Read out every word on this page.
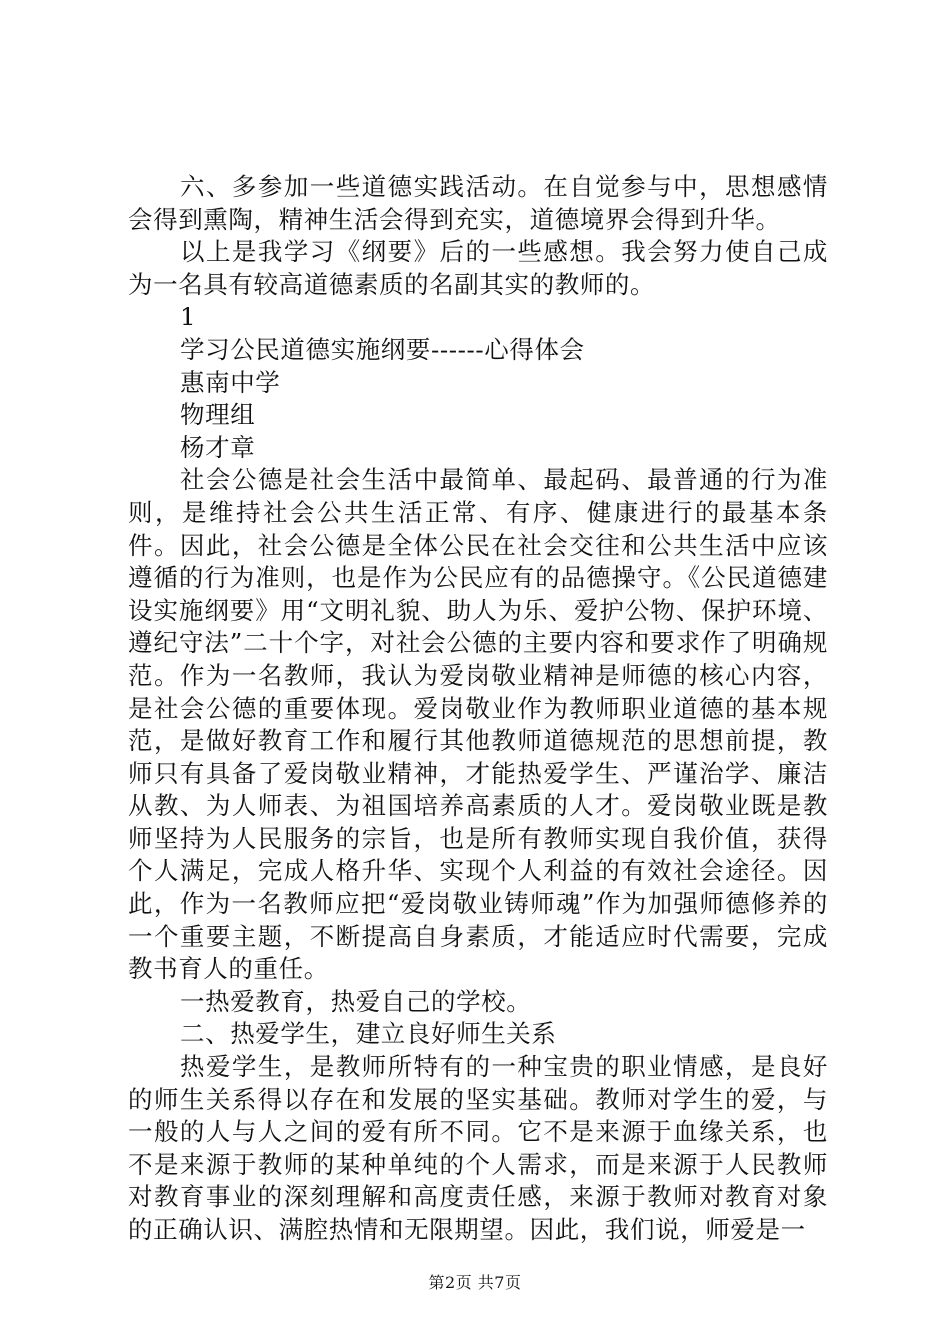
六、多参加一些道德实践活动。在自觉参与中，思想感情会得到熏陶，精神生活会得到充实，道德境界会得到升华。

以上是我学习《纲要》后的一些感想。我会努力使自己成为一名具有较高道德素质的名副其实的教师的。

1

学习公民道德实施纲要------心得体会

惠南中学

物理组

杨才章

社会公德是社会生活中最简单、最起码、最普通的行为准则，是维持社会公共生活正常、有序、健康进行的最基本条件。因此，社会公德是全体公民在社会交往和公共生活中应该遵循的行为准则，也是作为公民应有的品德操守。《公民道德建设实施纲要》用“文明礼貌、助人为乐、爱护公物、保护环境、遵纪守法”二十个字，对社会公德的主要内容和要求作了明确规范。作为一名教师，我认为爱岗敬业精神是师德的核心内容，是社会公德的重要体现。爱岗敬业作为教师职业道德的基本规范，是做好教育工作和履行其他教师道德规范的思想前提，教师只有具备了爱岗敬业精神，才能热爱学生、严谨治学、廉洁从教、为人师表、为祖国培养高素质的人才。爱岗敬业既是教师坚持为人民服务的宗旨，也是所有教师实现自我价值，获得个人满足，完成人格升华、实现个人利益的有效社会途径。因此，作为一名教师应把“爱岗敬业铸师魂”作为加强师德修养的一个重要主题，不断提高自身素质，才能适应时代需要，完成教书育人的重任。

一热爱教育，热爱自己的学校。

二、热爱学生，建立良好师生关系

热爱学生，是教师所特有的一种宝贵的职业情感，是良好的师生关系得以存在和发展的坚实基础。教师对学生的爱，与一般的人与人之间的爱有所不同。它不是来源于血缘关系，也不是来源于教师的某种单纯的个人需求，而是来源于人民教师对教育事业的深刻理解和高度责任感，来源于教师对教育对象的正确认识、满腔热情和无限期望。因此，我们说，师爱是一

第2页 共7页
